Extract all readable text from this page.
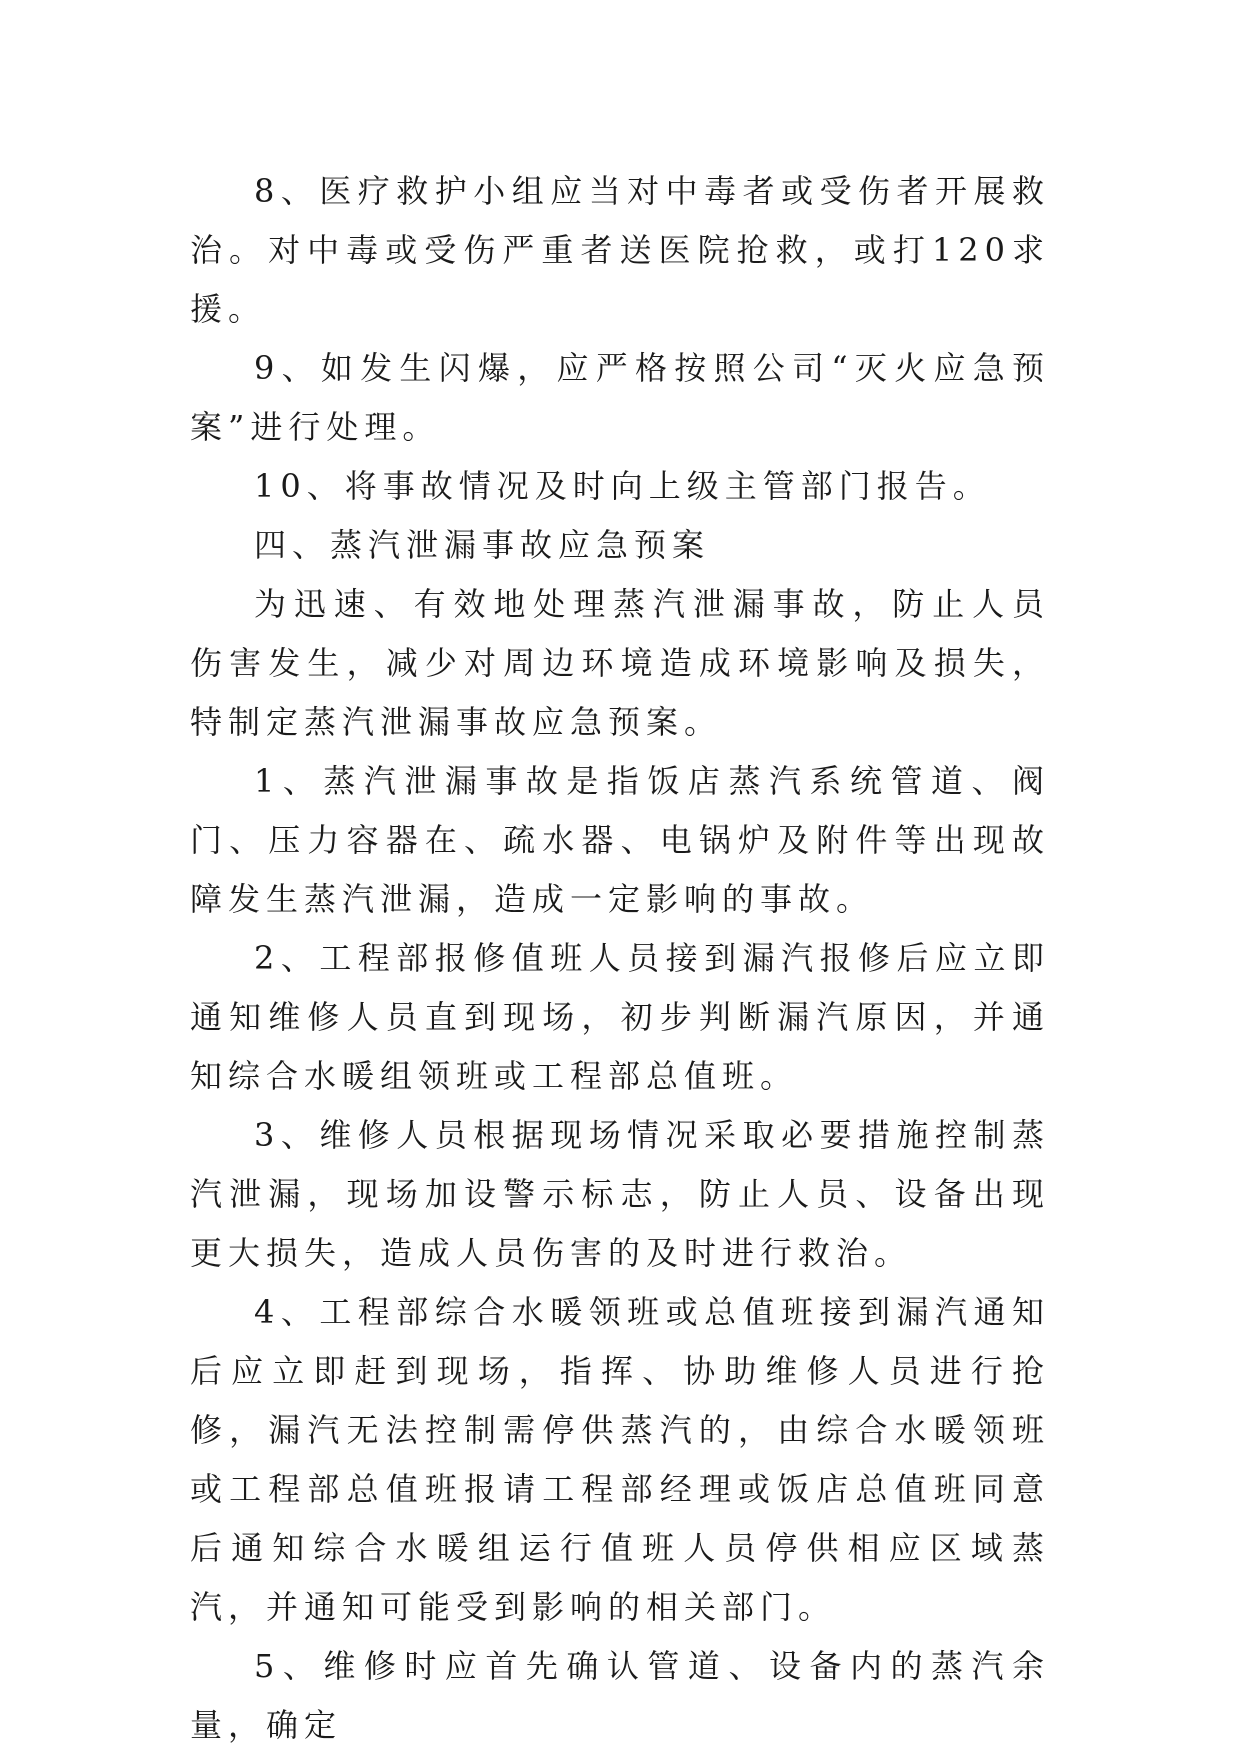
8、医疗救护小组应当对中毒者或受伤者开展救治。对中毒或受伤严重者送医院抢救，或打120求援。

9、如发生闪爆，应严格按照公司“灭火应急预案”进行处理。

10、将事故情况及时向上级主管部门报告。

四、蒸汽泄漏事故应急预案

为迅速、有效地处理蒸汽泄漏事故，防止人员伤害发生，减少对周边环境造成环境影响及损失，特制定蒸汽泄漏事故应急预案。

1、蒸汽泄漏事故是指饭店蒸汽系统管道、阀门、压力容器在、疏水器、电锅炉及附件等出现故障发生蒸汽泄漏，造成一定影响的事故。

2、工程部报修值班人员接到漏汽报修后应立即通知维修人员直到现场，初步判断漏汽原因，并通知综合水暖组领班或工程部总值班。

3、维修人员根据现场情况采取必要措施控制蒸汽泄漏，现场加设警示标志，防止人员、设备出现更大损失，造成人员伤害的及时进行救治。

4、工程部综合水暖领班或总值班接到漏汽通知后应立即赶到现场，指挥、协助维修人员进行抢修，漏汽无法控制需停供蒸汽的，由综合水暖领班或工程部总值班报请工程部经理或饭店总值班同意后通知综合水暖组运行值班人员停供相应区域蒸汽，并通知可能受到影响的相关部门。

5、维修时应首先确认管道、设备内的蒸汽余量，确定
